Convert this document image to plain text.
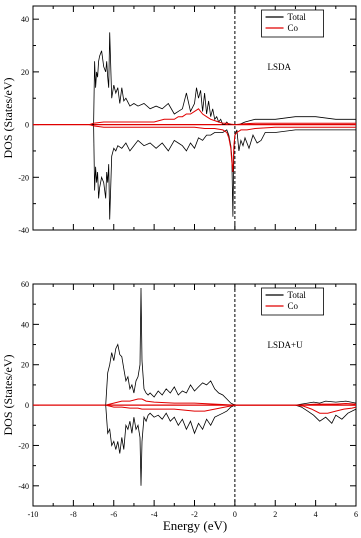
-40
-20
0
20
40
DOS (States/eV)
Total
Co
LSDA
-40
-20
0
20
40
60
-10	-8	-6	-4	-2	0	2	4	6
DOS (States/eV)
Total
Co
LSDA+U
Energy (eV)
